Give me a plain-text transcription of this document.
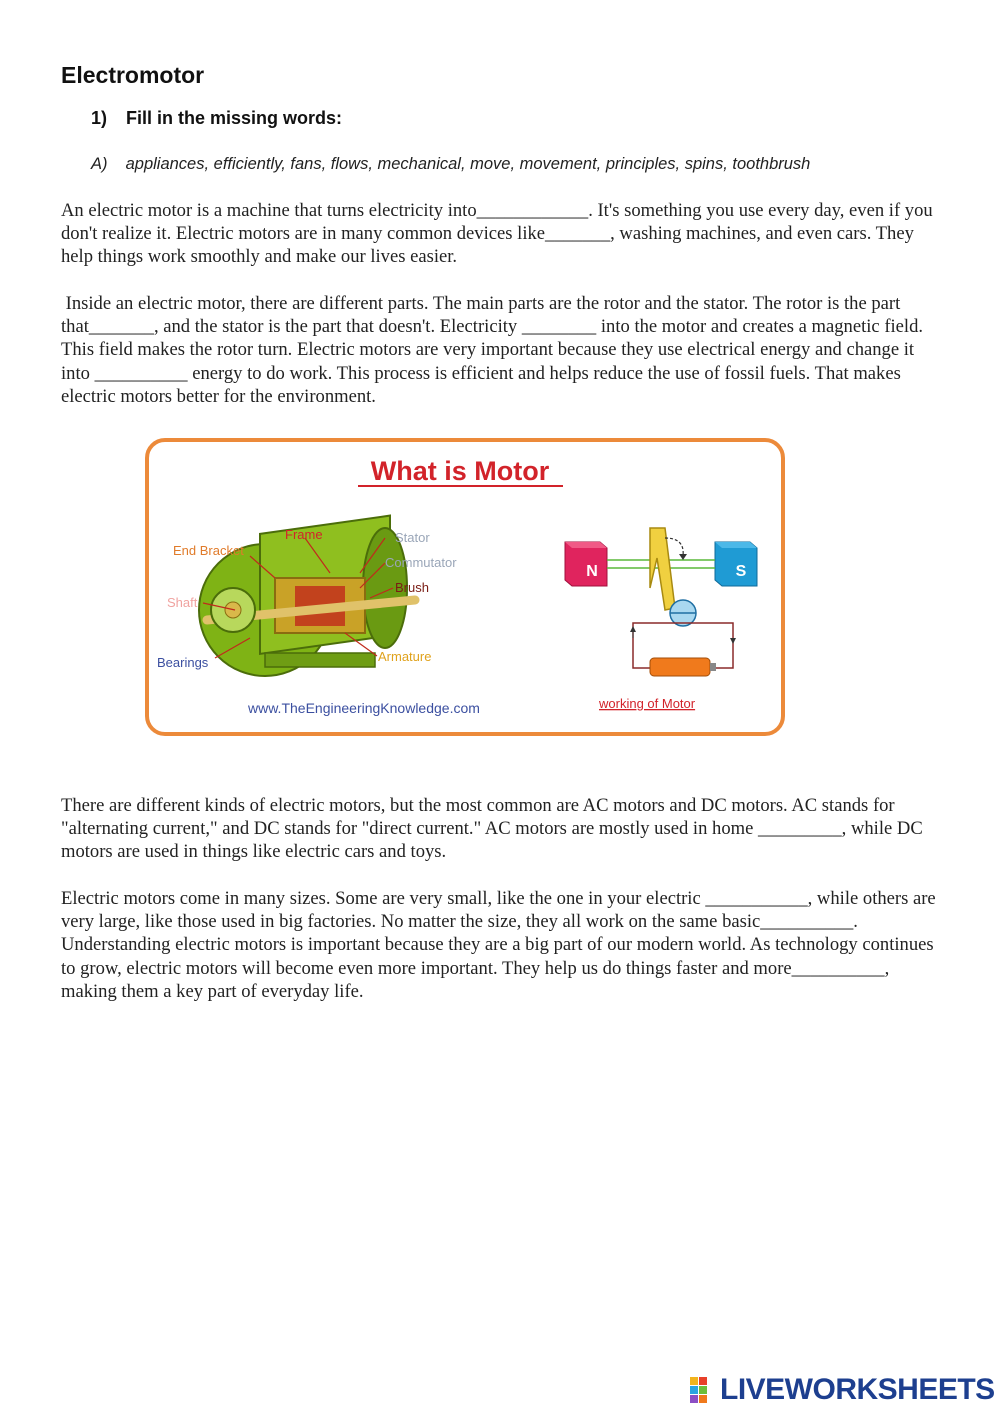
Electromotor
1) Fill in the missing words:
A) appliances, efficiently, fans, flows, mechanical, move, movement, principles, spins, toothbrush

An electric motor is a machine that turns electricity into____________. It's something you use every day, even if you don't realize it. Electric motors are in many common devices like_______, washing machines, and even cars. They help things work smoothly and make our lives easier.

Inside an electric motor, there are different parts. The main parts are the rotor and the stator. The rotor is the part that_______, and the stator is the part that doesn't. Electricity ________ into the motor and creates a magnetic field. This field makes the rotor turn. Electric motors are very important because they use electrical energy and change it into __________ energy to do work. This process is efficient and helps reduce the use of fossil fuels. That makes electric motors better for the environment.

What is Motor
Frame	Stator
End Bracket
Commutator
Brush
Shaft
Bearings	Armature
www.TheEngineeringKnowledge.com
N	S
working of Motor

There are different kinds of electric motors, but the most common are AC motors and DC motors. AC stands for "alternating current," and DC stands for "direct current." AC motors are mostly used in home _________, while DC motors are used in things like electric cars and toys.

Electric motors come in many sizes. Some are very small, like the one in your electric ___________, while others are very large, like those used in big factories. No matter the size, they all work on the same basic__________. Understanding electric motors is important because they are a big part of our modern world. As technology continues to grow, electric motors will become even more important. They help us do things faster and more__________, making them a key part of everyday life.

LIVEWORKSHEETS
